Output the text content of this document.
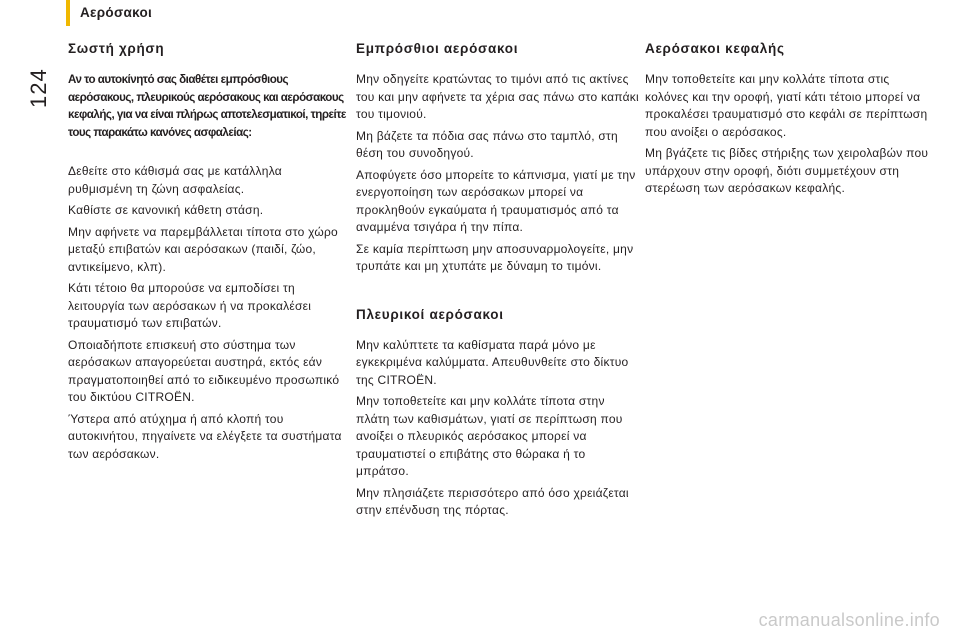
Αερόσακοι
124
Σωστή χρήση
Αν το αυτοκίνητό σας διαθέτει εμπρόσθιους αερόσακους, πλευρικούς αερόσακους και αερόσακους κεφαλής, για να είναι πλήρως αποτελεσματικοί, τηρείτε τους παρακάτω κανόνες ασφαλείας:

Δεθείτε στο κάθισμά σας με κατάλληλα ρυθμισμένη τη ζώνη ασφαλείας.

Καθίστε σε κανονική κάθετη στάση.

Μην αφήνετε να παρεμβάλλεται τίποτα στο χώρο μεταξύ επιβατών και αερόσακων (παιδί, ζώο, αντικείμενο, κλπ).

Κάτι τέτοιο θα μπορούσε να εμποδίσει τη λειτουργία των αερόσακων ή να προκαλέσει τραυματισμό των επιβατών.

Οποιαδήποτε επισκευή στο σύστημα των αερόσακων απαγορεύεται αυστηρά, εκτός εάν πραγματοποιηθεί από το ειδικευμένο προσωπικό του δικτύου CITROËN.

Ύστερα από ατύχημα ή από κλοπή του αυτοκινήτου, πηγαίνετε να ελέγξετε τα συστήματα των αερόσακων.

Εμπρόσθιοι αερόσακοι

Μην οδηγείτε κρατώντας το τιμόνι από τις ακτίνες του και μην αφήνετε τα χέρια σας πάνω στο καπάκι του τιμονιού.

Μη βάζετε τα πόδια σας πάνω στο ταμπλό, στη θέση του συνοδηγού.

Αποφύγετε όσο μπορείτε το κάπνισμα, γιατί με την ενεργοποίηση των αερόσακων μπορεί να προκληθούν εγκαύματα ή τραυματισμός από τα αναμμένα τσιγάρα ή την πίπα.

Σε καμία περίπτωση μην αποσυναρμολογείτε, μην τρυπάτε και μη χτυπάτε με δύναμη το τιμόνι.

Πλευρικοί αερόσακοι

Μην καλύπτετε τα καθίσματα παρά μόνο με εγκεκριμένα καλύμματα. Απευθυνθείτε στο δίκτυο της CITROËN.

Μην τοποθετείτε και μην κολλάτε τίποτα στην πλάτη των καθισμάτων, γιατί σε περίπτωση που ανοίξει ο πλευρικός αερόσακος μπορεί να τραυματιστεί ο επιβάτης στο θώρακα ή το μπράτσο.

Μην πλησιάζετε περισσότερο από όσο χρειάζεται στην επένδυση της πόρτας.

Αερόσακοι κεφαλής

Μην τοποθετείτε και μην κολλάτε τίποτα στις κολόνες και την οροφή, γιατί κάτι τέτοιο μπορεί να προκαλέσει τραυματισμό στο κεφάλι σε περίπτωση που ανοίξει ο αερόσακος.

Μη βγάζετε τις βίδες στήριξης των χειρολαβών που υπάρχουν στην οροφή, διότι συμμετέχουν στη στερέωση των αερόσακων κεφαλής.

carmanualsonline.info
